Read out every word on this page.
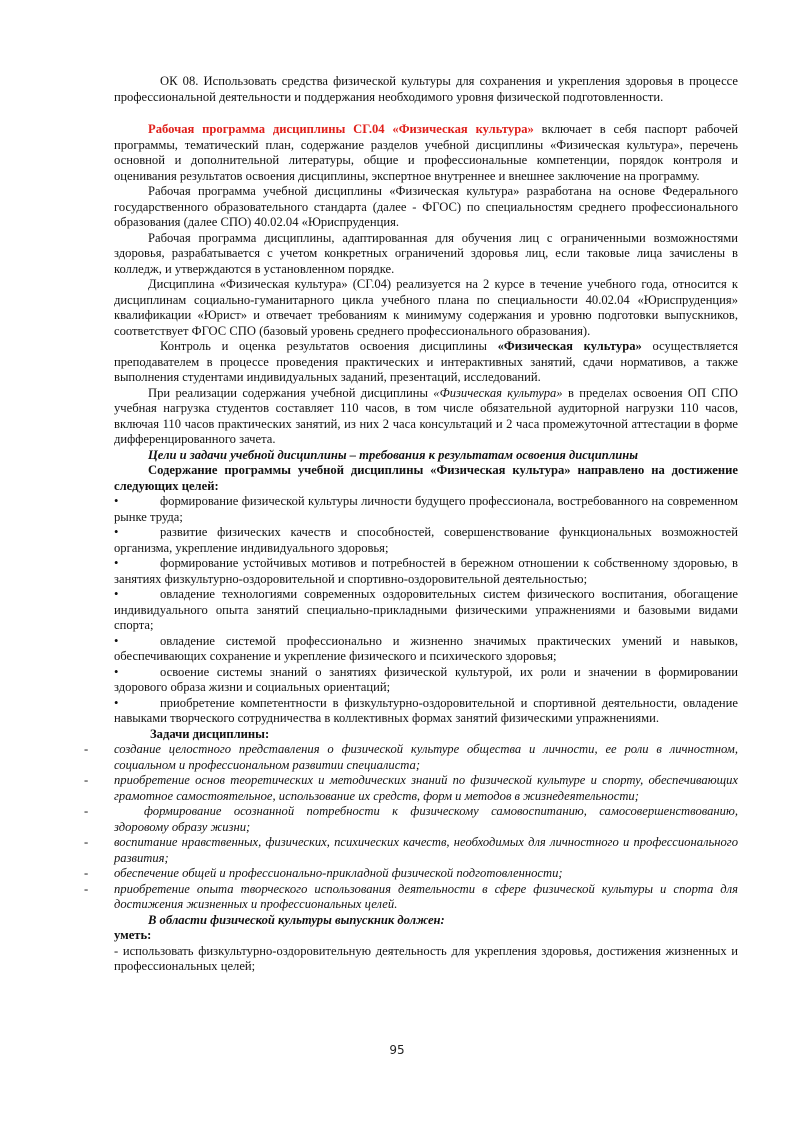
ОК 08. Использовать средства физической культуры для сохранения и укрепления здоровья в процессе профессиональной деятельности и поддержания необходимого уровня физической подготовленности.

Рабочая программа дисциплины СГ.04 «Физическая культура» включает в себя паспорт рабочей программы, тематический план, содержание разделов учебной дисциплины «Физическая культура», перечень основной и дополнительной литературы, общие и профессиональные компетенции, порядок контроля и оценивания результатов освоения дисциплины, экспертное внутреннее и внешнее заключение на программу.

Рабочая программа учебной дисциплины «Физическая культура» разработана на основе Федерального государственного образовательного стандарта (далее - ФГОС) по специальностям среднего профессионального образования (далее СПО) 40.02.04 «Юриспруденция.

Рабочая программа дисциплины, адаптированная для обучения лиц с ограниченными возможностями здоровья, разрабатывается с учетом конкретных ограничений здоровья лиц, если таковые лица зачислены в колледж, и утверждаются в установленном порядке.

Дисциплина «Физическая культура» (СГ.04) реализуется на 2 курсе в течение учебного года, относится к дисциплинам социально-гуманитарного цикла учебного плана по специальности 40.02.04 «Юриспруденция» квалификации «Юрист» и отвечает требованиям к минимуму содержания и уровню подготовки выпускников, соответствует ФГОС СПО (базовый уровень среднего профессионального образования).

Контроль и оценка результатов освоения дисциплины «Физическая культура» осуществляется преподавателем в процессе проведения практических и интерактивных занятий, сдачи нормативов, а также выполнения студентами индивидуальных заданий, презентаций, исследований.

При реализации содержания учебной дисциплины «Физическая культура» в пределах освоения ОП СПО учебная нагрузка студентов составляет 110 часов, в том числе обязательной аудиторной нагрузки 110 часов, включая 110 часов практических занятий, из них 2 часа консультаций и 2 часа промежуточной аттестации в форме дифференцированного зачета.

Цели и задачи учебной дисциплины – требования к результатам освоения дисциплины

Содержание программы учебной дисциплины «Физическая культура» направлено на достижение следующих целей:

•	формирование физической культуры личности будущего профессионала, востребованного на современном рынке труда;

•	развитие физических качеств и способностей, совершенствование функциональных возможностей организма, укрепление индивидуального здоровья;

•	формирование устойчивых мотивов и потребностей в бережном отношении к собственному здоровью, в занятиях физкультурно-оздоровительной и спортивно-оздоровительной деятельностью;

•	овладение технологиями современных оздоровительных систем физического воспитания, обогащение индивидуального опыта занятий специально-прикладными физическими упражнениями и базовыми видами спорта;

•	овладение системой профессионально и жизненно значимых практических умений и навыков, обеспечивающих сохранение и укрепление физического и психического здоровья;

•	освоение системы знаний о занятиях физической культурой, их роли и значении в формировании здорового образа жизни и социальных ориентаций;

•	приобретение компетентности в физкультурно-оздоровительной и спортивной деятельности, овладение навыками творческого сотрудничества в коллективных формах занятий физическими упражнениями.

Задачи дисциплины:

- создание целостного представления о физической культуре общества и личности, ее роли в личностном, социальном и профессиональном развитии специалиста;

- приобретение основ теоретических и методических знаний по физической культуре и спорту, обеспечивающих грамотное самостоятельное, использование их средств, форм и методов в жизнедеятельности;

-	формирование осознанной потребности к физическому самовоспитанию, самосовершенствованию, здоровому образу жизни;

- воспитание нравственных, физических, психических качеств, необходимых для личностного и профессионального развития;

- обеспечение общей и профессионально-прикладной физической подготовленности;

- приобретение опыта творческого использования деятельности в сфере физической культуры и спорта для достижения жизненных и профессиональных целей.

В области физической культуры выпускник должен:

уметь:

- использовать физкультурно-оздоровительную деятельность для укрепления здоровья, достижения жизненных и профессиональных целей;

95
